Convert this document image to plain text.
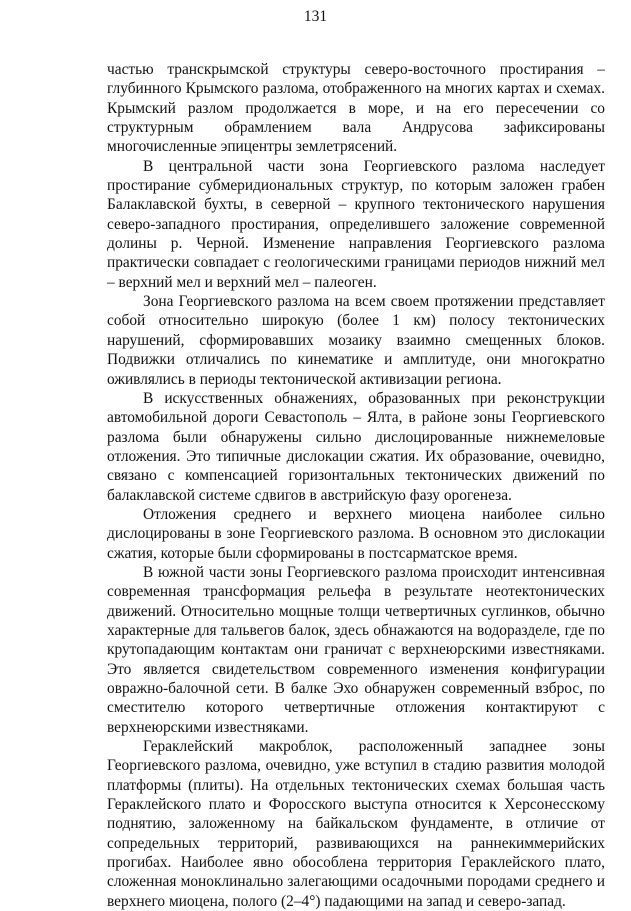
131

частью транскрымской структуры северо-восточного простирания – глубинного Крымского разлома, отображенного на многих картах и схемах. Крымский разлом продолжается в море, и на его пересечении со структурным обрамлением вала Андрусова зафиксированы многочисленные эпицентры землетрясений.

В центральной части зона Георгиевского разлома наследует простирание субмеридиональных структур, по которым заложен грабен Балаклавской бухты, в северной – крупного тектонического нарушения северо-западного простирания, определившего заложение современной долины р. Черной. Изменение направления Георгиевского разлома практически совпадает с геологическими границами периодов нижний мел – верхний мел и верхний мел – палеоген.

Зона Георгиевского разлома на всем своем протяжении представляет собой относительно широкую (более 1 км) полосу тектонических нарушений, сформировавших мозаику взаимно смещенных блоков. Подвижки отличались по кинематике и амплитуде, они многократно оживлялись в периоды тектонической активизации региона.

В искусственных обнажениях, образованных при реконструкции автомобильной дороги Севастополь – Ялта, в районе зоны Георгиевского разлома были обнаружены сильно дислоцированные нижнемеловые отложения. Это типичные дислокации сжатия. Их образование, очевидно, связано с компенсацией горизонтальных тектонических движений по балаклавской системе сдвигов в австрийскую фазу орогенеза.

Отложения среднего и верхнего миоцена наиболее сильно дислоцированы в зоне Георгиевского разлома. В основном это дислокации сжатия, которые были сформированы в постсарматское время.

В южной части зоны Георгиевского разлома происходит интенсивная современная трансформация рельефа в результате неотектонических движений. Относительно мощные толщи четвертичных суглинков, обычно характерные для тальвегов балок, здесь обнажаются на водоразделе, где по крутопадающим контактам они граничат с верхнеюрскими известняками. Это является свидетельством современного изменения конфигурации овражно-балочной сети. В балке Эхо обнаружен современный взброс, по сместителю которого четвертичные отложения контактируют с верхнеюрскими известняками.

Гераклейский макроблок, расположенный западнее зоны Георгиевского разлома, очевидно, уже вступил в стадию развития молодой платформы (плиты). На отдельных тектонических схемах большая часть Гераклейского плато и Форосского выступа относится к Херсонесскому поднятию, заложенному на байкальском фундаменте, в отличие от сопредельных территорий, развивающихся на раннекиммерийских прогибах. Наиболее явно обособлена территория Гераклейского плато, сложенная моноклинально залегающими осадочными породами среднего и верхнего миоцена, полого (2–4°) падающими на запад и северо-запад.
